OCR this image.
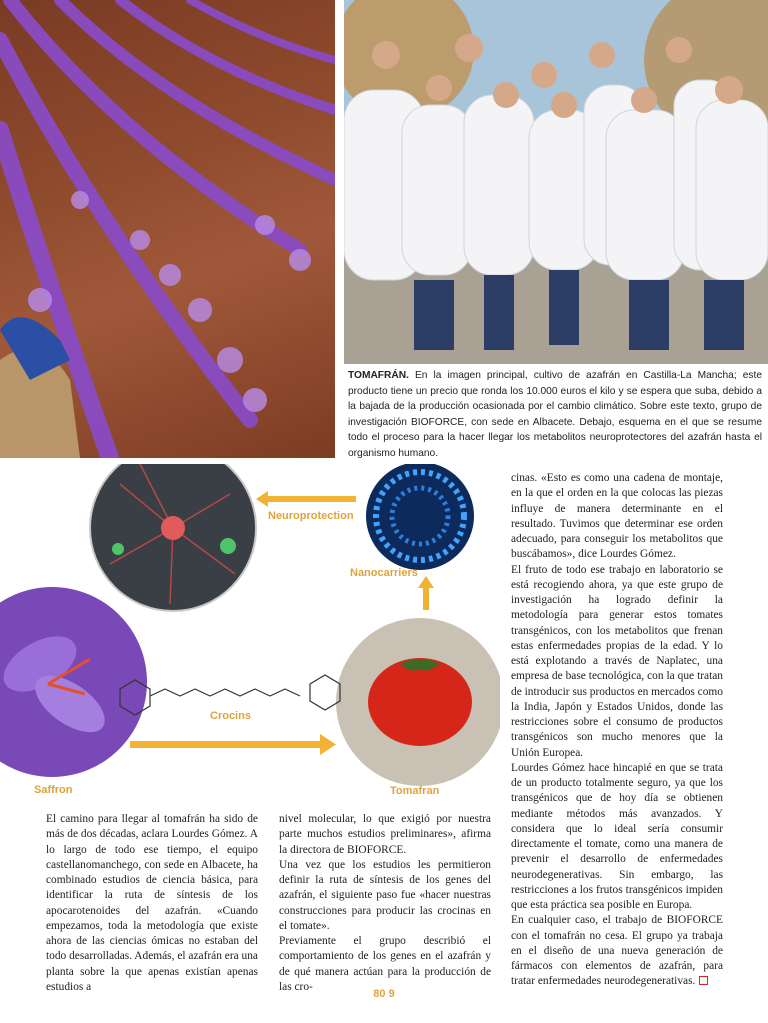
TOMAFRÁN. En la imagen principal, cultivo de azafrán en Castilla-La Mancha; este producto tiene un precio que ronda los 10.000 euros el kilo y se espera que suba, debido a la bajada de la producción ocasionada por el cambio climático. Sobre este texto, grupo de investigación BIOFORCE, con sede en Albacete. Debajo, esquema en el que se resume todo el proceso para la hacer llegar los metabolitos neuroprotectores del azafrán hasta el organismo humano.
Neuroprotection
Nanocarriers
Crocins
Saffron	Tomafran

El camino para llegar al tomafrán ha sido de más de dos décadas, aclara Lourdes Gómez. A lo largo de todo ese tiempo, el equipo castellanomanchego, con sede en Albacete, ha combinado estudios de ciencia básica, para identificar la ruta de síntesis de los apocarotenoides del azafrán. «Cuando empezamos, toda la metodología que existe ahora de las ciencias ómicas no estaban del todo desarrolladas. Además, el azafrán era una planta sobre la que apenas existían apenas estudios a

nivel molecular, lo que exigió por nuestra parte muchos estudios preliminares», afirma la directora de BIOFORCE.

Una vez que los estudios les permitieron definir la ruta de síntesis de los genes del azafrán, el siguiente paso fue «hacer nuestras construcciones para producir las crocinas en el tomate».

Previamente el grupo describió el comportamiento de los genes en el azafrán y de qué manera actúan para la producción de las cro-

cinas. «Esto es como una cadena de montaje, en la que el orden en la que colocas las piezas influye de manera determinante en el resultado. Tuvimos que determinar ese orden adecuado, para conseguir los metabolitos que buscábamos», dice Lourdes Gómez.

El fruto de todo ese trabajo en laboratorio se está recogiendo ahora, ya que este grupo de investigación ha logrado definir la metodología para generar estos tomates transgénicos, con los metabolitos que frenan estas enfermedades propias de la edad. Y lo está explotando a través de Naplatec, una empresa de base tecnológica, con la que tratan de introducir sus productos en mercados como la India, Japón y Estados Unidos, donde las restricciones sobre el consumo de productos transgénicos son mucho menores que la Unión Europea.

Lourdes Gómez hace hincapié en que se trata de un producto totalmente seguro, ya que los transgénicos que de hoy día se obtienen mediante métodos más avanzados. Y considera que lo ideal sería consumir directamente el tomate, como una manera de prevenir el desarrollo de enfermedades neurodegenerativas. Sin embargo, las restricciones a los frutos transgénicos impiden que esta práctica sea posible en Europa.

En cualquier caso, el trabajo de BIOFORCE con el tomafrán no cesa. El grupo ya trabaja en el diseño de una nueva generación de fármacos con elementos de azafrán, para tratar enfermedades neurodegenerativas.

80 9
